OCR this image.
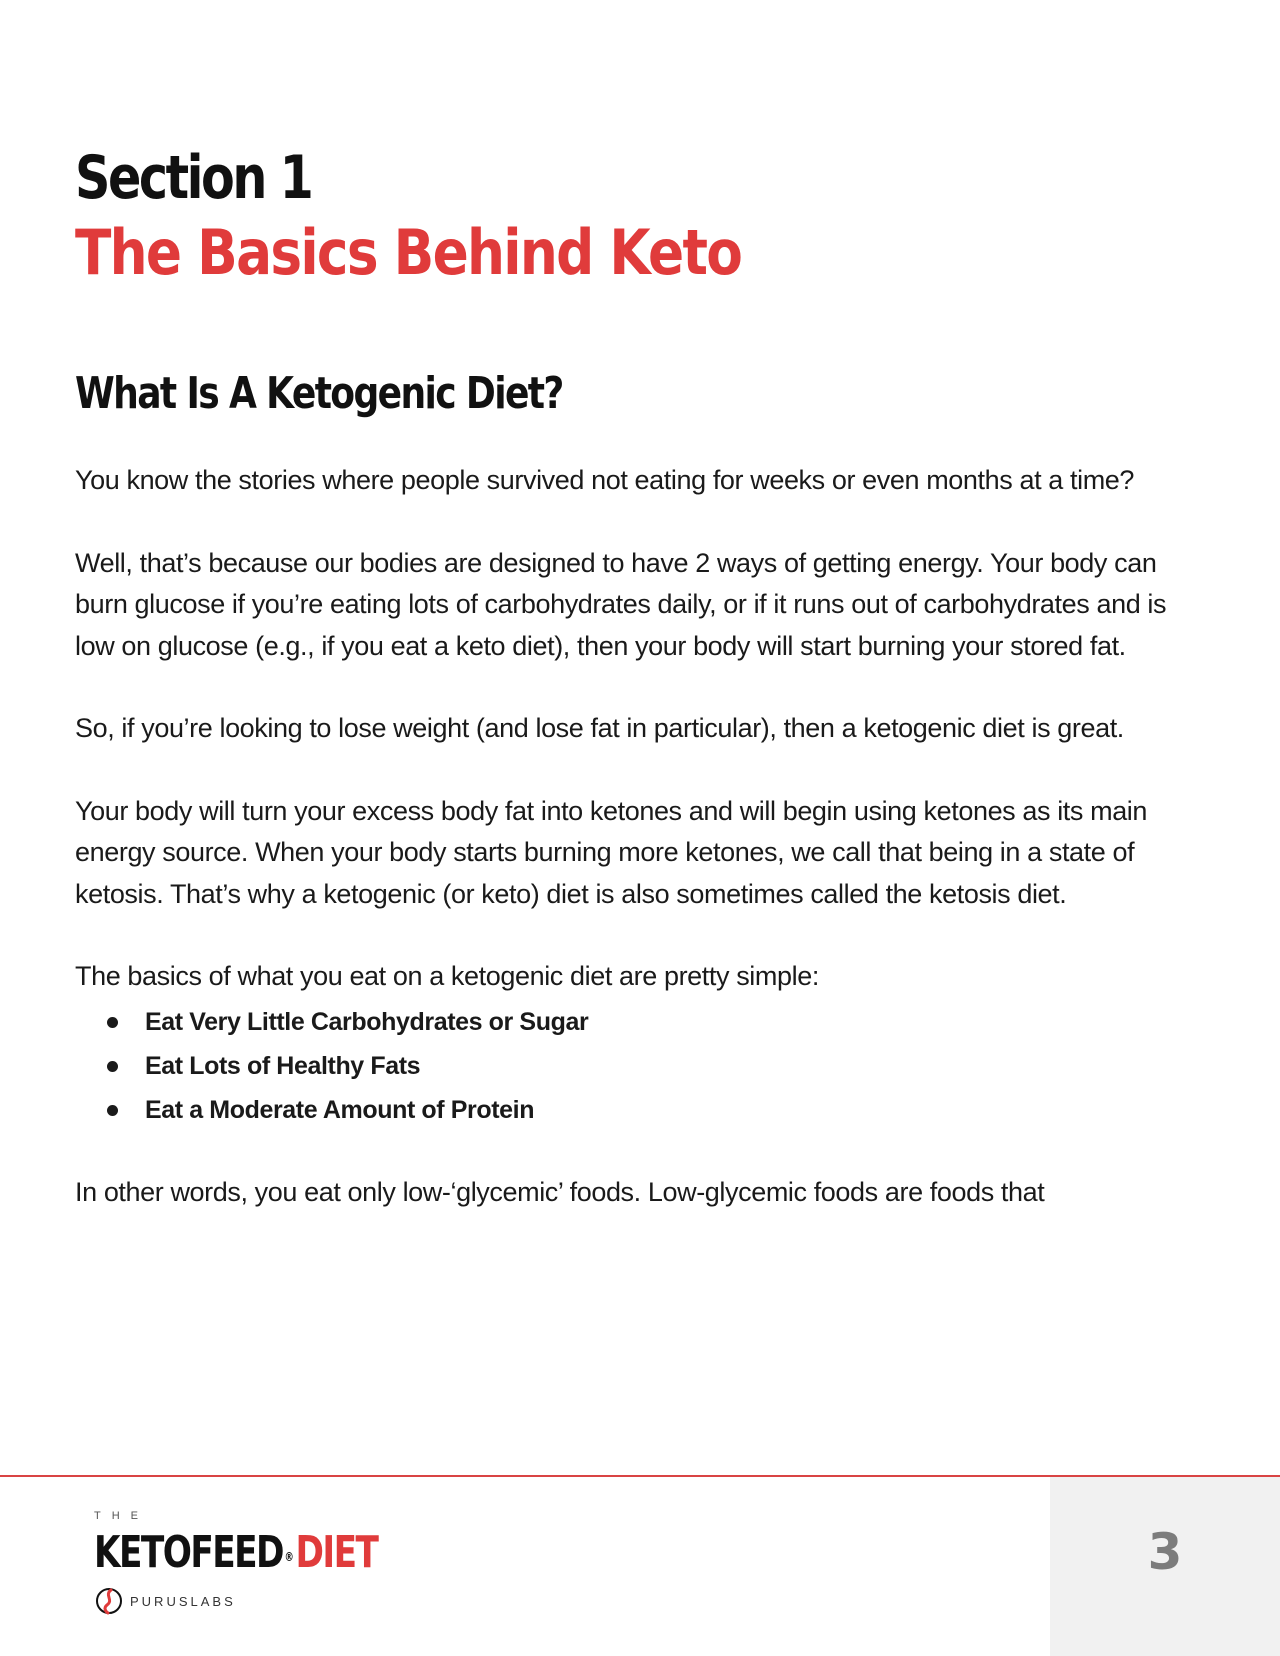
Section 1
The Basics Behind Keto
What Is A Ketogenic Diet?

You know the stories where people survived not eating for weeks or even months at a time?

Well, that’s because our bodies are designed to have 2 ways of getting energy. Your body can burn glucose if you’re eating lots of carbohydrates daily, or if it runs out of carbohydrates and is low on glucose (e.g., if you eat a keto diet), then your body will start burning your stored fat.

So, if you’re looking to lose weight (and lose fat in particular), then a ketogenic diet is great.

Your body will turn your excess body fat into ketones and will begin using ketones as its main energy source. When your body starts burning more ketones, we call that being in a state of ketosis. That’s why a ketogenic (or keto) diet is also sometimes called the ketosis diet.

The basics of what you eat on a ketogenic diet are pretty simple:

Eat Very Little Carbohydrates or Sugar
Eat Lots of Healthy Fats
Eat a Moderate Amount of Protein

In other words, you eat only low-‘glycemic’ foods. Low-glycemic foods are foods that

3
THE
KETOFEED ®DIET
PURUSLABS
